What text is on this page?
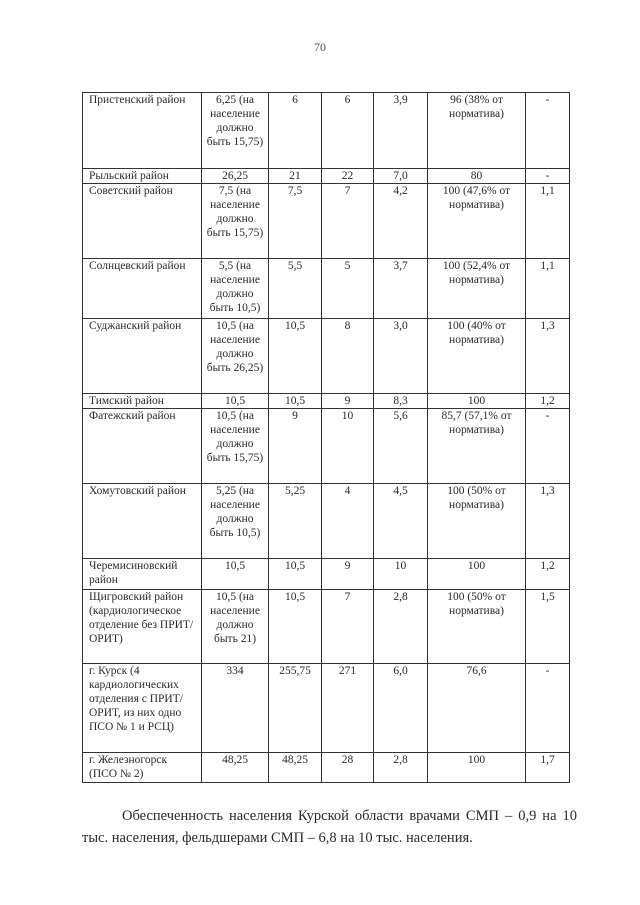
70
Пристенский район	6,25 (на население должно быть 15,75)	6	6	3,9	96 (38% от норматива)	-
Рыльский район	26,25	21	22	7,0	80	-
Советский район	7,5 (на население должно быть 15,75)	7,5	7	4,2	100 (47,6% от норматива)	1,1
Солнцевский район	5,5 (на население должно быть 10,5)	5,5	5	3,7	100 (52,4% от норматива)	1,1
Суджанский район	10,5 (на население должно быть 26,25)	10,5	8	3,0	100 (40% от норматива)	1,3
Тимский район	10,5	10,5	9	8,3	100	1,2
Фатежский район	10,5 (на население должно быть 15,75)	9	10	5,6	85,7 (57,1% от норматива)	-
Хомутовский район	5,25 (на население должно быть 10,5)	5,25	4	4,5	100 (50% от норматива)	1,3
Черемисиновский район	10,5	10,5	9	10	100	1,2
Щигровский район (кардиологическое отделение без ПРИТ/ОРИТ)	10,5 (на население должно быть 21)	10,5	7	2,8	100 (50% от норматива)	1,5
г. Курск (4 кардиологических отделения с ПРИТ/ОРИТ, из них одно ПСО № 1 и РСЦ)	334	255,75	271	6,0	76,6	-
г. Железногорск (ПСО № 2)	48,25	48,25	28	2,8	100	1,7
Обеспеченность населения Курской области врачами СМП – 0,9 на 10 тыс. населения, фельдшерами СМП – 6,8 на 10 тыс. населения.
